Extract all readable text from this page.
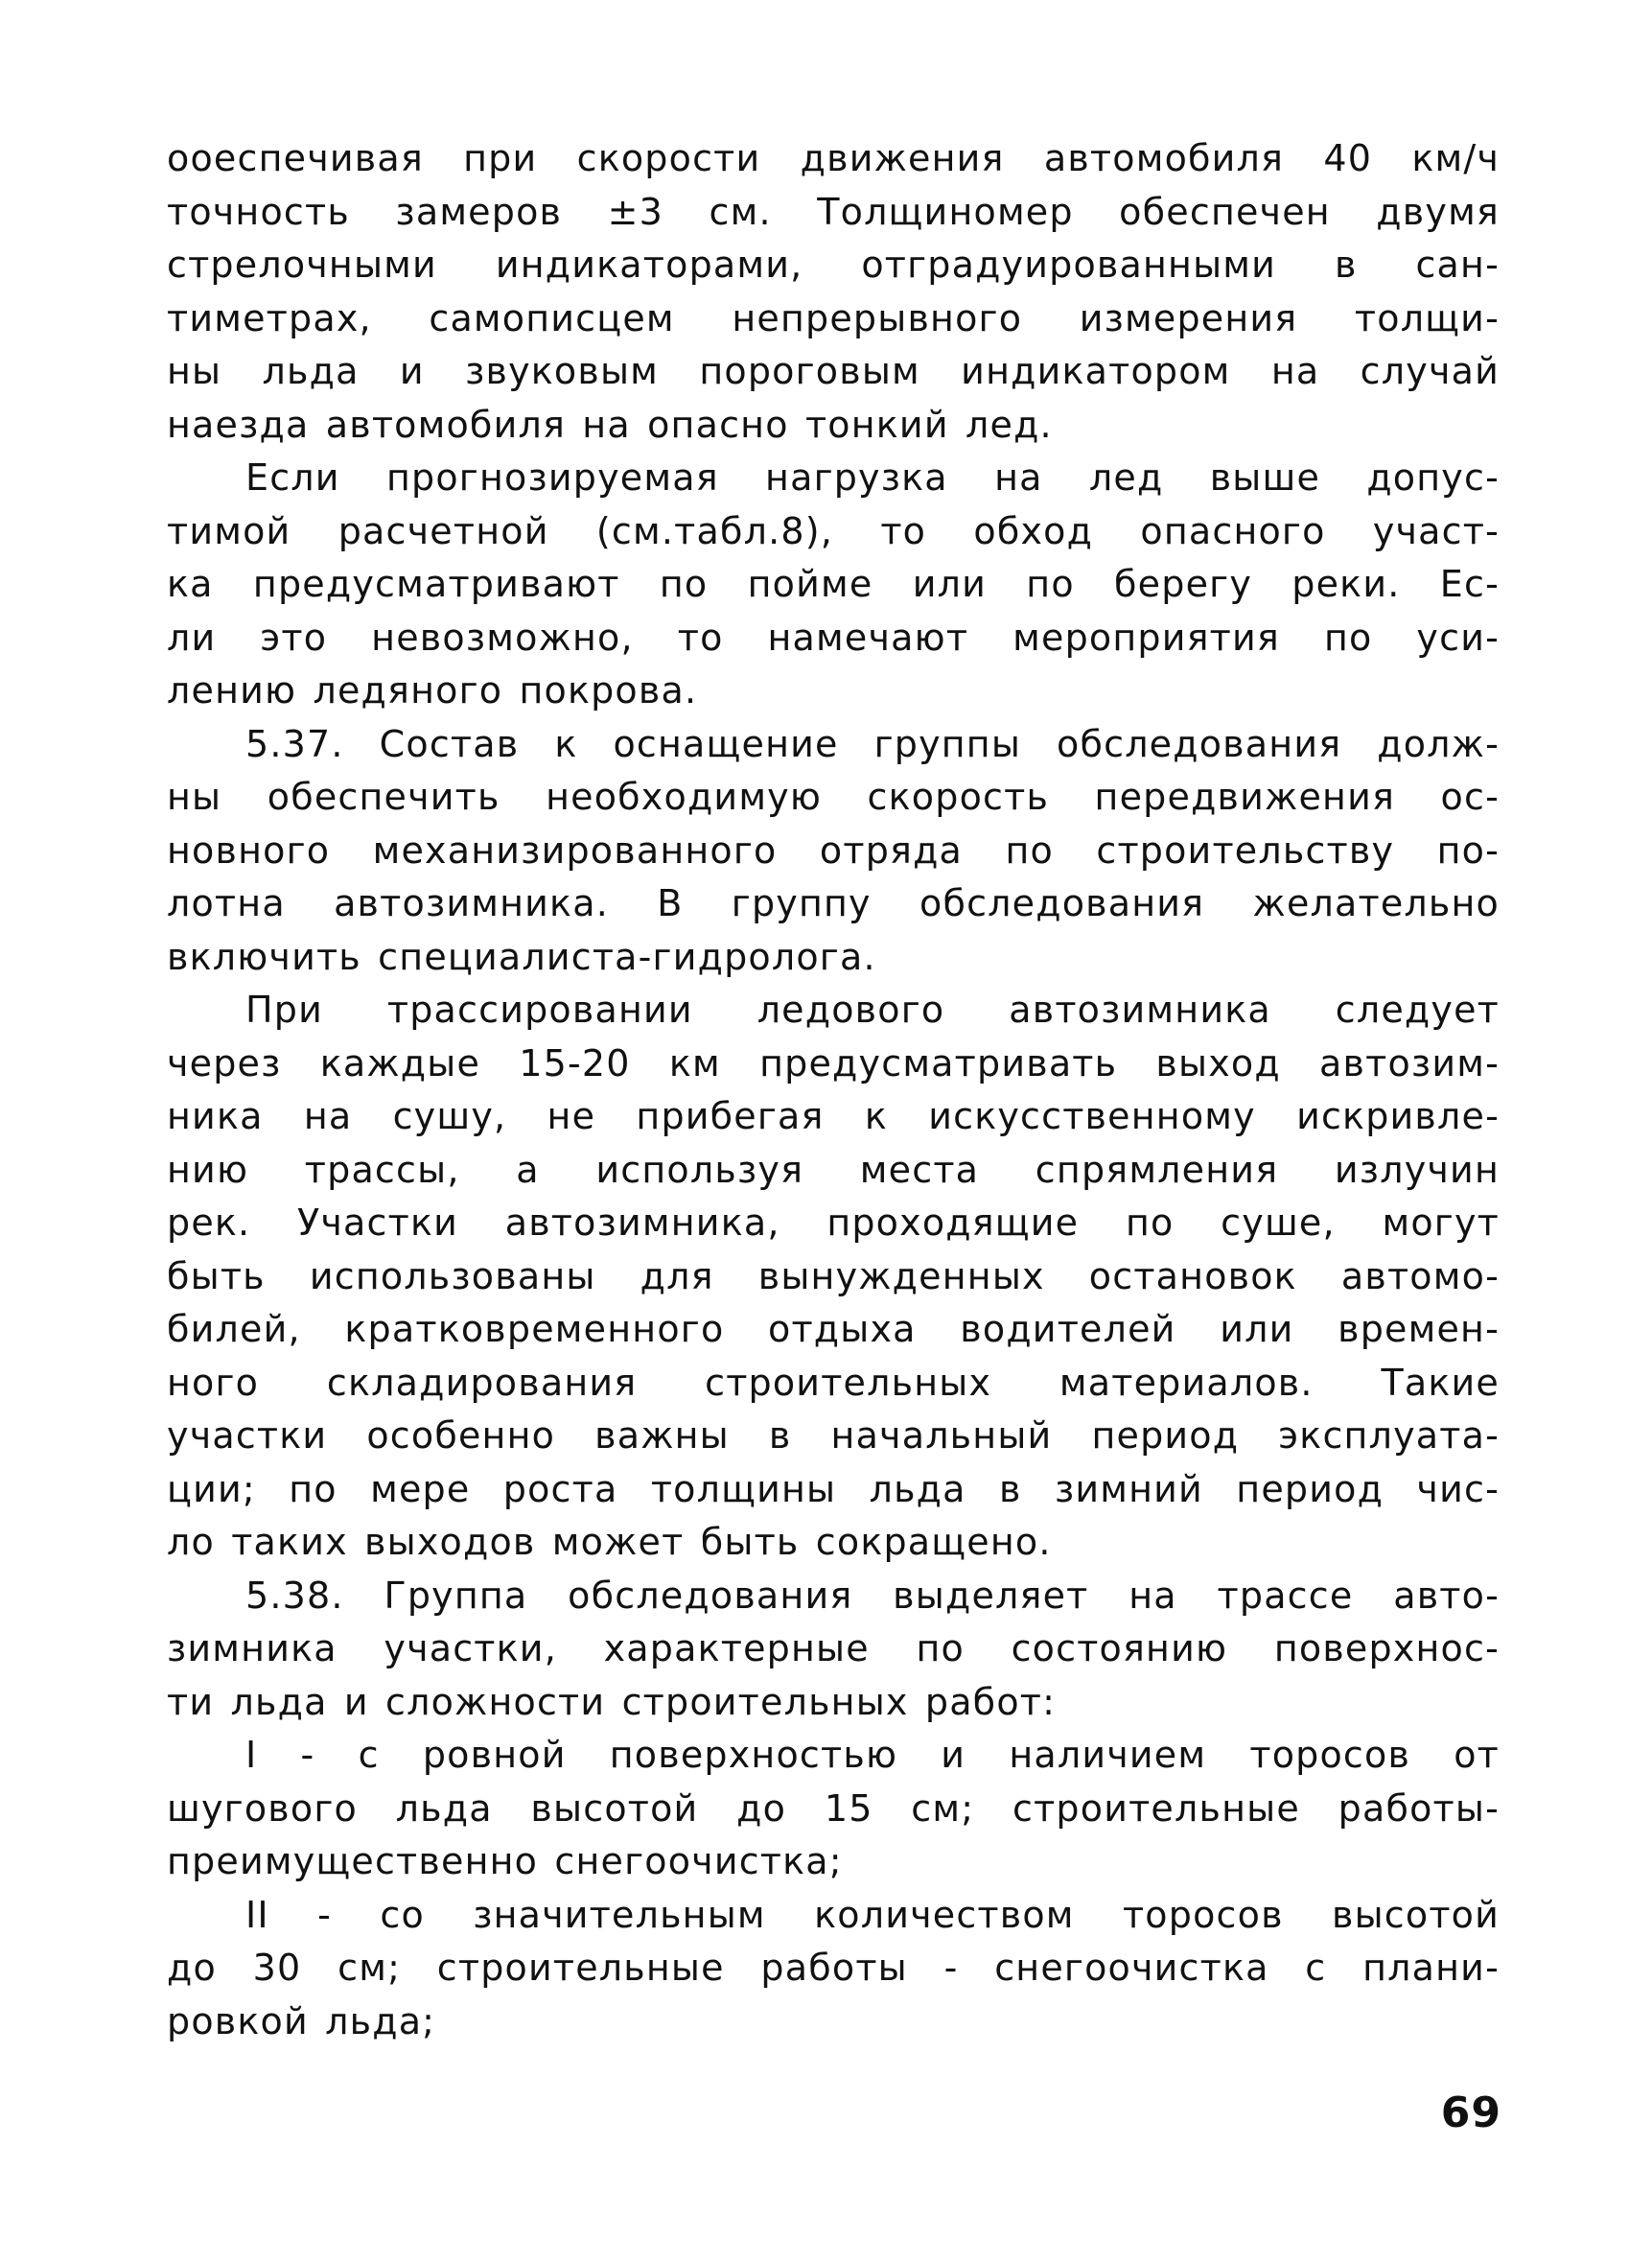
ооеспечивая при скорости движения автомобиля 40 км/ч
точность замеров ±3 см. Толщиномер обеспечен двумя
стрелочными индикаторами, отградуированными в сан-
тиметрах, самописцем непрерывного измерения толщи-
ны льда и звуковым пороговым индикатором на случай
наезда автомобиля на опасно тонкий лед.
Если прогнозируемая нагрузка на лед выше допус-
тимой расчетной (см.табл.8), то обход опасного участ-
ка предусматривают по пойме или по берегу реки. Ес-
ли это невозможно, то намечают мероприятия по уси-
лению ледяного покрова.
5.37. Состав к оснащение группы обследования долж-
ны обеспечить необходимую скорость передвижения ос-
новного механизированного отряда по строительству по-
лотна автозимника. В группу обследования желательно
включить специалиста-гидролога.
При трассировании ледового автозимника следует
через каждые 15-20 км предусматривать выход автозим-
ника на сушу, не прибегая к искусственному искривле-
нию трассы, а используя места спрямления излучин
рек. Участки автозимника, проходящие по суше, могут
быть использованы для вынужденных остановок автомо-
билей, кратковременного отдыха водителей или времен-
ного складирования строительных материалов. Такие
участки особенно важны в начальный период эксплуата-
ции; по мере роста толщины льда в зимний период чис-
ло таких выходов может быть сокращено.
5.38. Группа обследования выделяет на трассе авто-
зимника участки, характерные по состоянию поверхнос-
ти льда и сложности строительных работ:
I - с ровной поверхностью и наличием торосов от
шугового льда высотой до 15 см; строительные работы-
преимущественно снегоочистка;
II - со значительным количеством торосов высотой
до 30 см; строительные работы - снегоочистка с плани-
ровкой льда;
69
